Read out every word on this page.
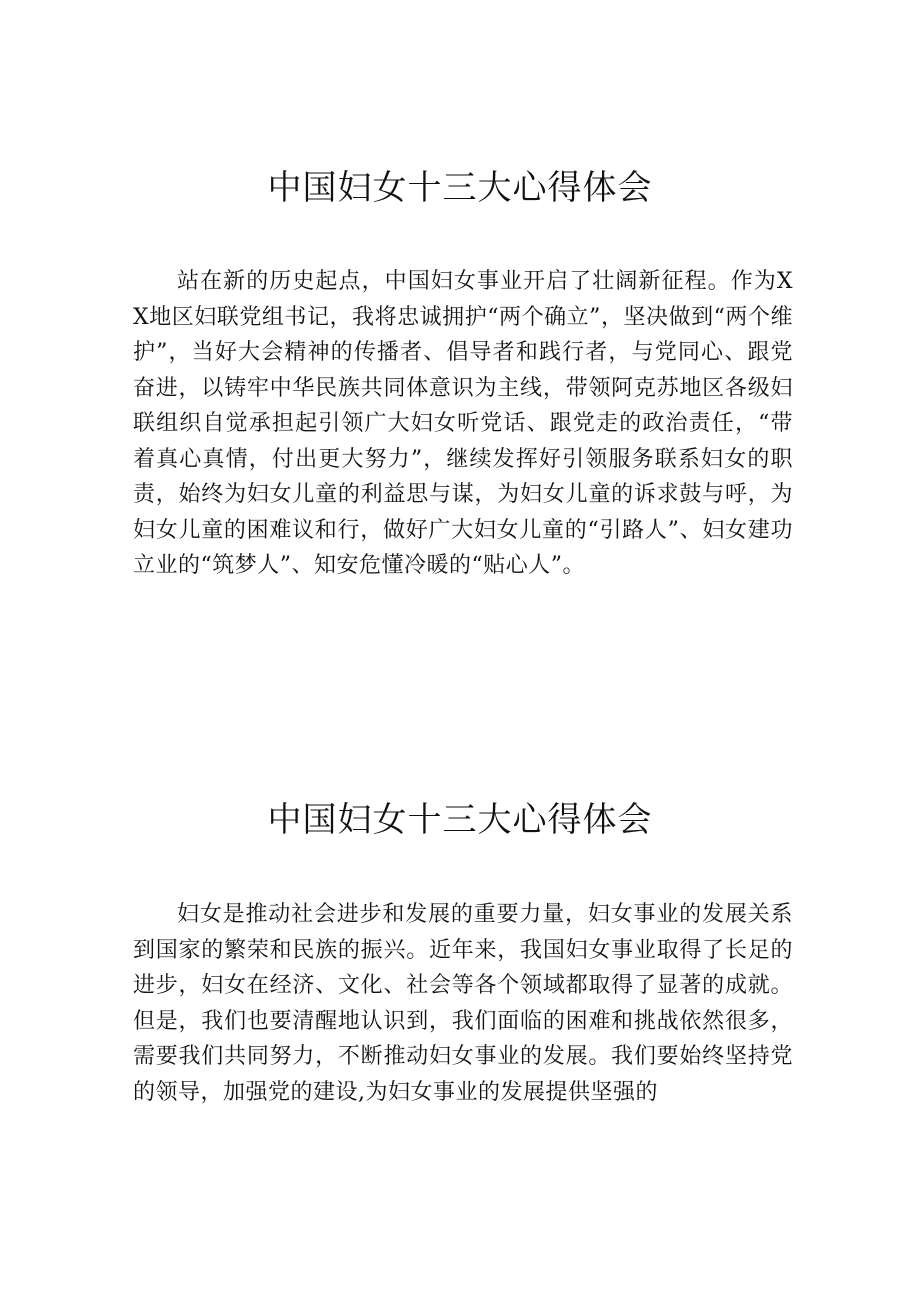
中国妇女十三大心得体会

站在新的历史起点，中国妇女事业开启了壮阔新征程。作为XX地区妇联党组书记，我将忠诚拥护“两个确立”，坚决做到“两个维护”，当好大会精神的传播者、倡导者和践行者，与党同心、跟党奋进，以铸牢中华民族共同体意识为主线，带领阿克苏地区各级妇联组织自觉承担起引领广大妇女听党话、跟党走的政治责任，“带着真心真情，付出更大努力”，继续发挥好引领服务联系妇女的职责，始终为妇女儿童的利益思与谋，为妇女儿童的诉求鼓与呼，为妇女儿童的困难议和行，做好广大妇女儿童的“引路人”、妇女建功立业的“筑梦人”、知安危懂冷暖的“贴心人”。

中国妇女十三大心得体会

妇女是推动社会进步和发展的重要力量，妇女事业的发展关系到国家的繁荣和民族的振兴。近年来，我国妇女事业取得了长足的进步，妇女在经济、文化、社会等各个领域都取得了显著的成就。但是，我们也要清醒地认识到，我们面临的困难和挑战依然很多，需要我们共同努力，不断推动妇女事业的发展。我们要始终坚持党的领导，加强党的建设,为妇女事业的发展提供坚强的
